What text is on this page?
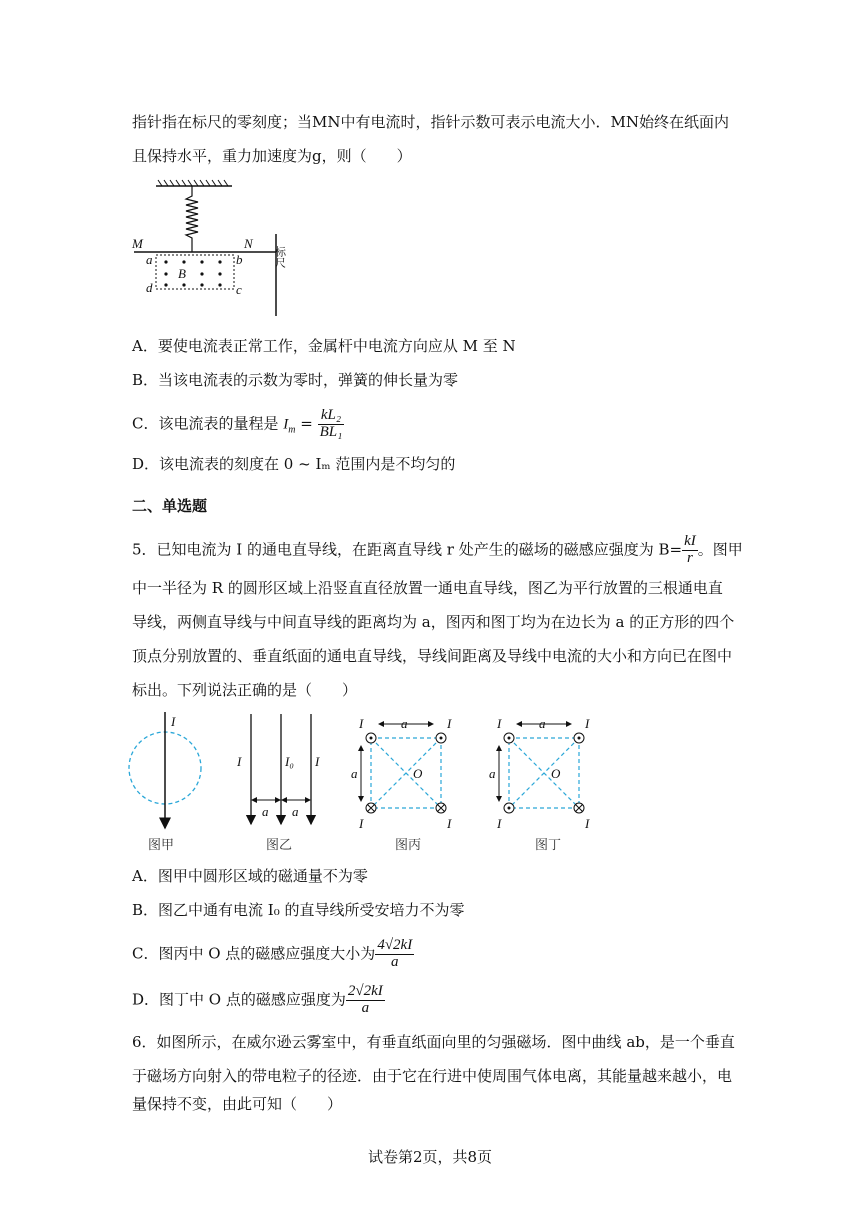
指针指在标尺的零刻度；当MN中有电流时，指针示数可表示电流大小．MN始终在纸面内
且保持水平，重力加速度为g，则（　　）
M	N
a	b
d	c
B
标尺
A．要使电流表正常工作，金属杆中电流方向应从 M 至 N
B．当该电流表的示数为零时，弹簧的伸长量为零
C．该电流表的量程是 $I_m = \frac{\text{kL₂}}{\text{BL₁}}$
D．该电流表的刻度在 0 ~ Iₘ 范围内是不均匀的
二、单选题
5．已知电流为 I 的通电直导线，在距离直导线 r 处产生的磁场的磁感应强度为 $B= \frac{kI}{r}$ 。图甲
中一半径为 R 的圆形区域上沿竖直直径放置一通电直导线，图乙为平行放置的三根通电直
导线，两侧直导线与中间直导线的距离均为 a，图丙和图丁均为在边长为 a 的正方形的四个
顶点分别放置的、垂直纸面的通电直导线，导线间距离及导线中电流的大小和方向已在图中
标出。下列说法正确的是（　　）
I
I	I₀ I
a a
I	I
I	I
a
a	O
I	I
I	I
a
a	O
图甲	图乙	图丙	图丁
A．图甲中圆形区域的磁通量不为零
B．图乙中通有电流 I₀ 的直导线所受安培力不为零
C．图丙中 O 点的磁感应强度大小为 $\frac{4√2kI}{a}$
D．图丁中 O 点的磁感应强度为 $\frac{2√2kI}{a}$
6．如图所示，在威尔逊云雾室中，有垂直纸面向里的匀强磁场．图中曲线 ab，是一个垂直
于磁场方向射入的带电粒子的径迹．由于它在行进中使周围气体电离，其能量越来越小，电
量保持不变，由此可知（　　）
试卷第2页，共8页
